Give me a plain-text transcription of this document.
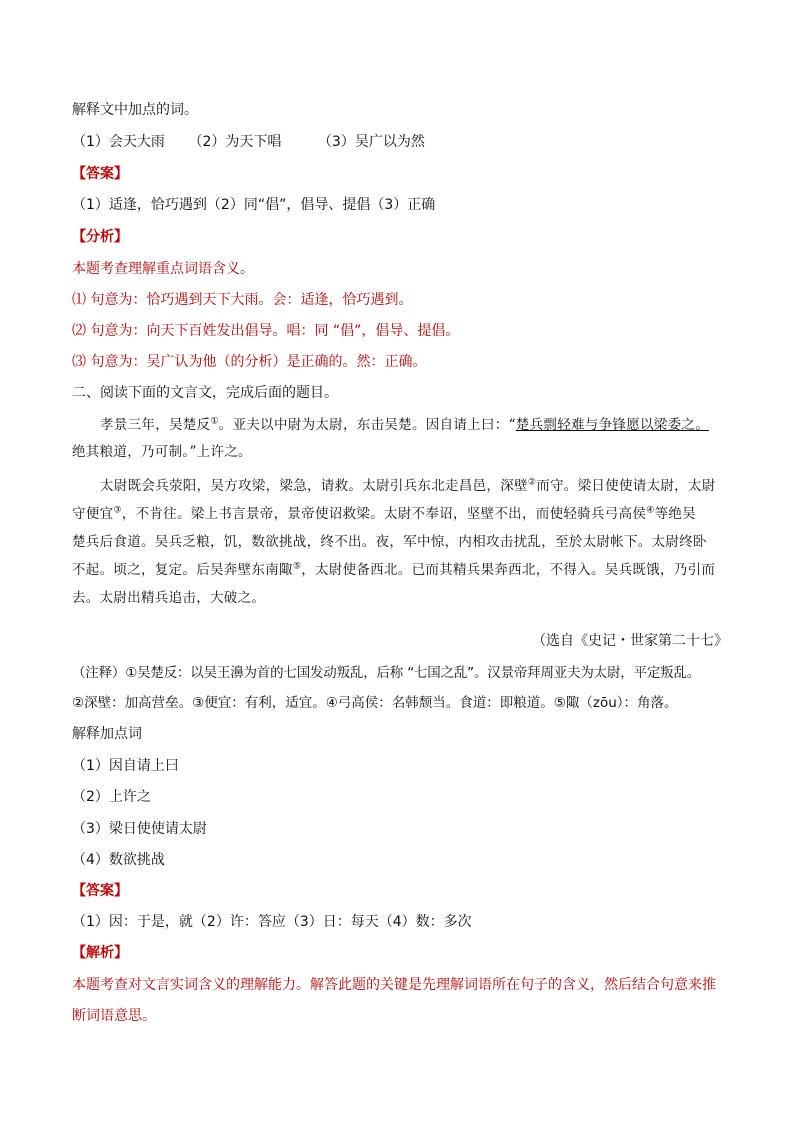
解释文中加点的词。
（1）会天大雨 （2）为天下唱	（3）吴广以为然
【答案】
（1）适逢，恰巧遇到（2）同“倡”，倡导、提倡（3）正确
【分析】
本题考查理解重点词语含义。
⑴ 句意为：恰巧遇到天下大雨。会：适逢，恰巧遇到。
⑵ 句意为：向天下百姓发出倡导。唱：同 “倡”，倡导、提倡。
⑶ 句意为：吴广认为他（的分析）是正确的。然：正确。
二、阅读下面的文言文，完成后面的题目。
孝景三年，吴楚反①。亚夫以中尉为太尉，东击吴楚。因自请上曰：“楚兵剽轻难与争锋愿以梁委之。
绝其粮道，乃可制。”上许之。
太尉既会兵荥阳，吴方攻梁，梁急，请救。太尉引兵东北走昌邑，深壁②而守。梁日使使请太尉，太尉
守便宜③，不肯往。梁上书言景帝，景帝使诏救梁。太尉不奉诏，坚壁不出，而使轻骑兵弓高侯④等绝吴
楚兵后食道。吴兵乏粮，饥，数欲挑战，终不出。夜，军中惊，内相攻击扰乱，至於太尉帐下。太尉终卧
不起。顷之，复定。后吴奔壁东南陬⑤，太尉使备西北。已而其精兵果奔西北，不得入。吴兵既饿，乃引而
去。太尉出精兵追击，大破之。
（选自《史记・世家第二十七》
（注释）①吴楚反：以吴王濞为首的七国发动叛乱，后称 “七国之乱”。汉景帝拜周亚夫为太尉，平定叛乱。
②深壁：加高营垒。③便宜：有利，适宜。④弓高侯：名韩颓当。食道：即粮道。⑤陬（zōu）：角落。
解释加点词
（1）因自请上曰
（2）上许之
（3）梁日使使请太尉
（4）数欲挑战
【答案】
（1）因：于是，就（2）许：答应（3）日：每天（4）数：多次
【解析】
本题考查对文言实词含义的理解能力。解答此题的关键是先理解词语所在句子的含义，然后结合句意来推
断词语意思。
